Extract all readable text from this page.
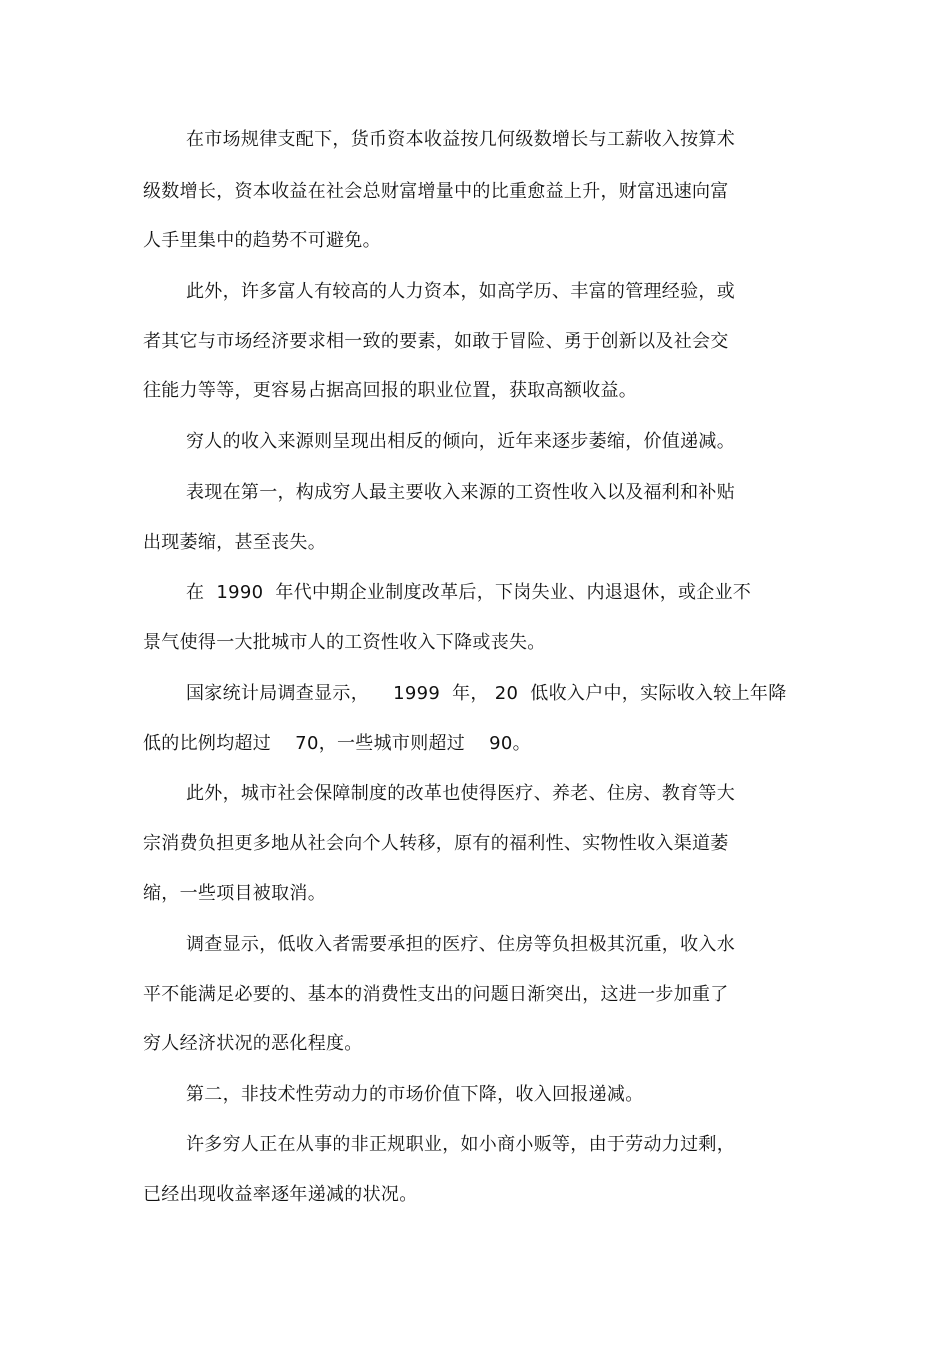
在市场规律支配下，货币资本收益按几何级数增长与工薪收入按算术
级数增长，资本收益在社会总财富增量中的比重愈益上升，财富迅速向富
人手里集中的趋势不可避免。
此外，许多富人有较高的人力资本，如高学历、丰富的管理经验，或
者其它与市场经济要求相一致的要素，如敢于冒险、勇于创新以及社会交
往能力等等，更容易占据高回报的职业位置，获取高额收益。
穷人的收入来源则呈现出相反的倾向，近年来逐步萎缩，价值递减。
表现在第一，构成穷人最主要收入来源的工资性收入以及福利和补贴
出现萎缩，甚至丧失。
在  1990  年代中期企业制度改革后，下岗失业、内退退休，或企业不
景气使得一大批城市人的工资性收入下降或丧失。
国家统计局调查显示，    1999  年， 20  低收入户中，实际收入较上年降
低的比例均超过    70，一些城市则超过    90。
此外，城市社会保障制度的改革也使得医疗、养老、住房、教育等大
宗消费负担更多地从社会向个人转移，原有的福利性、实物性收入渠道萎
缩，一些项目被取消。
调查显示，低收入者需要承担的医疗、住房等负担极其沉重，收入水
平不能满足必要的、基本的消费性支出的问题日渐突出，这进一步加重了
穷人经济状况的恶化程度。
第二，非技术性劳动力的市场价值下降，收入回报递减。
许多穷人正在从事的非正规职业，如小商小贩等，由于劳动力过剩，
已经出现收益率逐年递减的状况。
